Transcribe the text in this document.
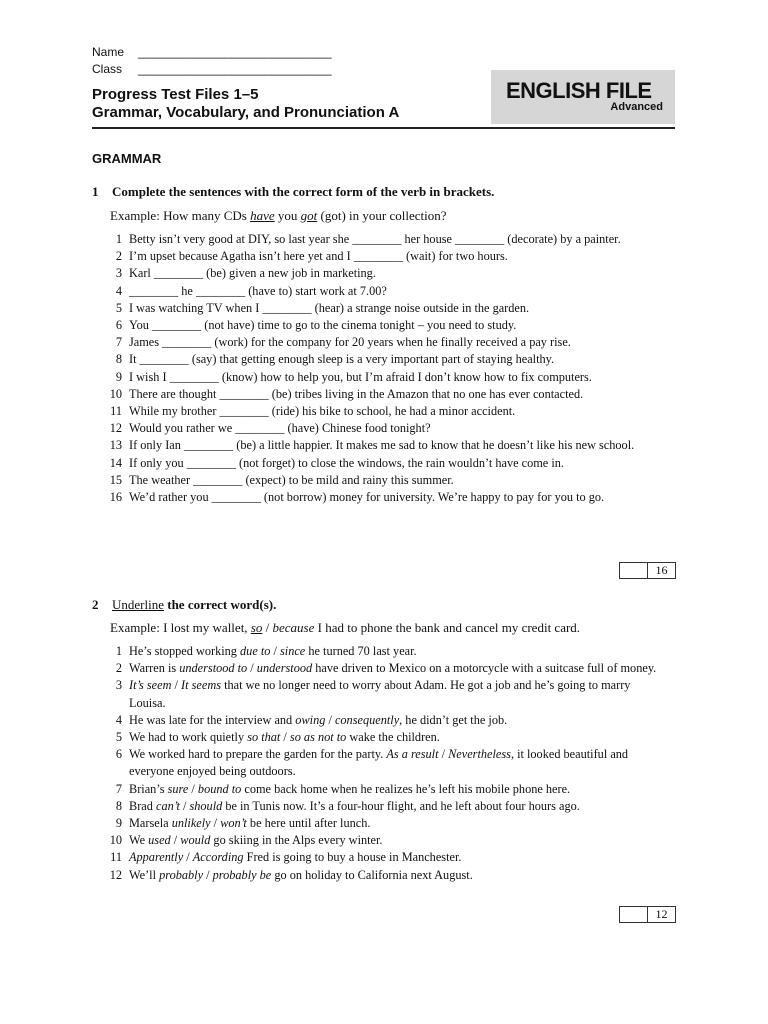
Name _____________________________
Class _____________________________
Progress Test Files 1–5
Grammar, Vocabulary, and Pronunciation A
ENGLISH FILE
Advanced
GRAMMAR
1 Complete the sentences with the correct form of the verb in brackets.
Example: How many CDs have you got (got) in your collection?
1 Betty isn’t very good at DIY, so last year she ________ her house ________ (decorate) by a painter.
2 I’m upset because Agatha isn’t here yet and I ________ (wait) for two hours.
3 Karl ________ (be) given a new job in marketing.
4 ________ he ________ (have to) start work at 7.00?
5 I was watching TV when I ________ (hear) a strange noise outside in the garden.
6 You ________ (not have) time to go to the cinema tonight – you need to study.
7 James ________ (work) for the company for 20 years when he finally received a pay rise.
8 It ________ (say) that getting enough sleep is a very important part of staying healthy.
9 I wish I ________ (know) how to help you, but I’m afraid I don’t know how to fix computers.
10 There are thought ________ (be) tribes living in the Amazon that no one has ever contacted.
11 While my brother ________ (ride) his bike to school, he had a minor accident.
12 Would you rather we ________ (have) Chinese food tonight?
13 If only Ian ________ (be) a little happier. It makes me sad to know that he doesn’t like his new school.
14 If only you ________ (not forget) to close the windows, the rain wouldn’t have come in.
15 The weather ________ (expect) to be mild and rainy this summer.
16 We’d rather you ________ (not borrow) money for university. We’re happy to pay for you to go.
16
2 Underline the correct word(s).
Example: I lost my wallet, so / because I had to phone the bank and cancel my credit card.
1 He’s stopped working due to / since he turned 70 last year.
2 Warren is understood to / understood have driven to Mexico on a motorcycle with a suitcase full of money.
3 It’s seem / It seems that we no longer need to worry about Adam. He got a job and he’s going to marry Louisa.
4 He was late for the interview and owing / consequently, he didn’t get the job.
5 We had to work quietly so that / so as not to wake the children.
6 We worked hard to prepare the garden for the party. As a result / Nevertheless, it looked beautiful and everyone enjoyed being outdoors.
7 Brian’s sure / bound to come back home when he realizes he’s left his mobile phone here.
8 Brad can’t / should be in Tunis now. It’s a four-hour flight, and he left about four hours ago.
9 Marsela unlikely / won’t be here until after lunch.
10 We used / would go skiing in the Alps every winter.
11 Apparently / According Fred is going to buy a house in Manchester.
12 We’ll probably / probably be go on holiday to California next August.
12
